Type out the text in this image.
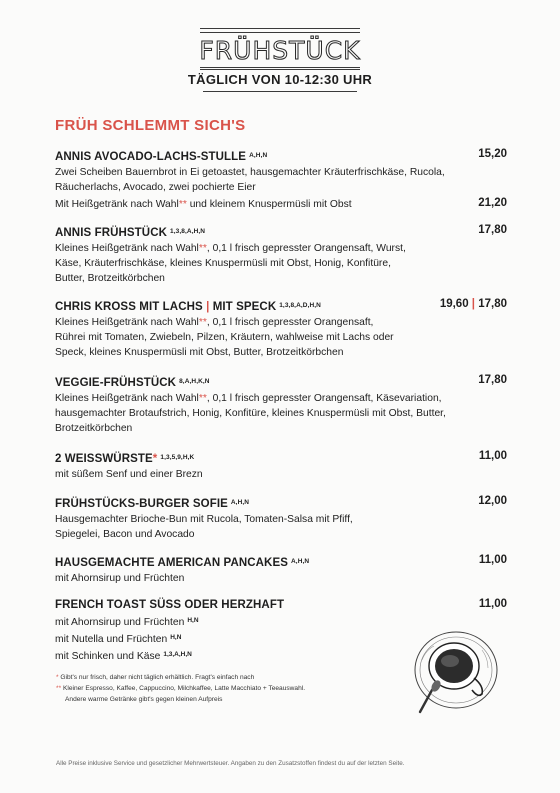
FRÜHSTÜCK
TÄGLICH VON 10-12:30 UHR
FRÜH SCHLEMMT SICH'S
ANNIS AVOCADO-LACHS-STULLE $^{A,H,N}$	15,20
Zwei Scheiben Bauernbrot in Ei getoastet, hausgemachter Kräuterfrischkäse, Rucola, Räucherlachs, Avocado, zwei pochierte Eier
Mit Heißgetränk nach Wahl** und kleinem Knuspermüsli mit Obst	21,20
ANNIS FRÜHSTÜCK $^{1,3,8,A,H,N}$	17,80
Kleines Heißgetränk nach Wahl**, 0,1 l frisch gepresster Orangensaft, Wurst, Käse, Kräuterfrischkäse, kleines Knuspermüsli mit Obst, Honig, Konfitüre, Butter, Brotzeitkörbchen
CHRIS KROSS MIT LACHS | MIT SPECK $^{1,3,8,A,D,H,N}$	19,60 | 17,80
Kleines Heißgetränk nach Wahl**, 0,1 l frisch gepresster Orangensaft, Rührei mit Tomaten, Zwiebeln, Pilzen, Kräutern, wahlweise mit Lachs oder Speck, kleines Knuspermüsli mit Obst, Butter, Brotzeitkörbchen
VEGGIE-FRÜHSTÜCK $^{8,A,H,K,N}$	17,80
Kleines Heißgetränk nach Wahl**, 0,1 l frisch gepresster Orangensaft, Käsevariation, hausgemachter Brotaufstrich, Honig, Konfitüre, kleines Knuspermüsli mit Obst, Butter, Brotzeitkörbchen
2 WEISSWÜRSTE* $^{1,3,5,9,H,K}$	11,00
mit süßem Senf und einer Brezn
FRÜHSTÜCKS-BURGER SOFIE $^{A,H,N}$	12,00
Hausgemachter Brioche-Bun mit Rucola, Tomaten-Salsa mit Pfiff, Spiegelei, Bacon und Avocado
HAUSGEMACHTE AMERICAN PANCAKES $^{A,H,N}$	11,00
mit Ahornsirup und Früchten
FRENCH TOAST SÜSS ODER HERZHAFT	11,00
mit Ahornsirup und Früchten $^{H,N}$
mit Nutella und Früchten $^{H,N}$
mit Schinken und Käse $^{1,3,A,H,N}$
* Gibt's nur frisch, daher nicht täglich erhältlich. Fragt's einfach nach
** Kleiner Espresso, Kaffee, Cappuccino, Milchkaffee, Latte Macchiato + Teeauswahl.
Andere warme Getränke gibt's gegen kleinen Aufpreis
Alle Preise inklusive Service und gesetzlicher Mehrwertsteuer. Angaben zu den Zusatzstoffen findest du auf der letzten Seite.
